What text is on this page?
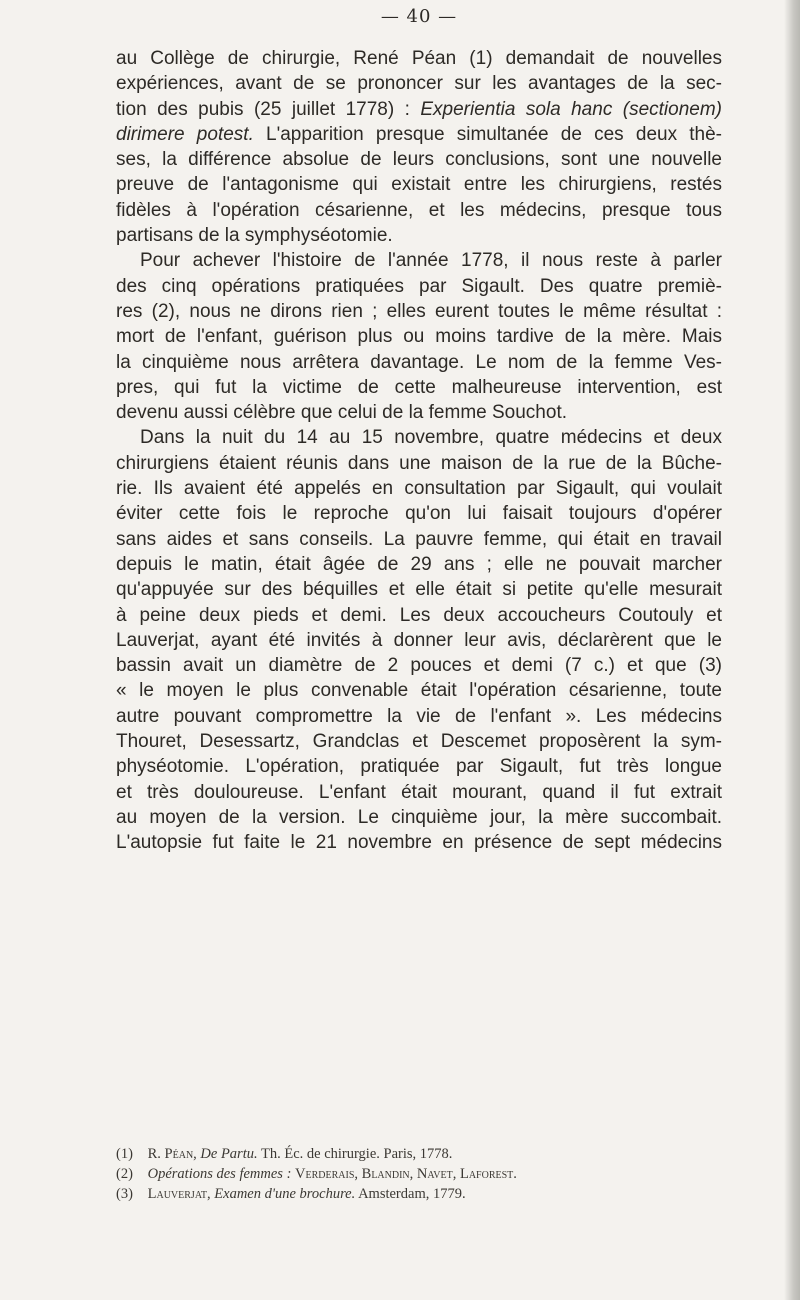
— 40 —
au Collège de chirurgie, René Péan (1) demandait de nouvelles
expériences, avant de se prononcer sur les avantages de la sec-
tion des pubis (25 juillet 1778) : Experientia sola hanc (sectionem)
dirimere potest. L'apparition presque simultanée de ces deux thè-
ses, la différence absolue de leurs conclusions, sont une nouvelle
preuve de l'antagonisme qui existait entre les chirurgiens, restés
fidèles à l'opération césarienne, et les médecins, presque tous
partisans de la symphyséotomie.
Pour achever l'histoire de l'année 1778, il nous reste à parler
des cinq opérations pratiquées par Sigault. Des quatre premiè-
res (2), nous ne dirons rien ; elles eurent toutes le même résultat :
mort de l'enfant, guérison plus ou moins tardive de la mère. Mais
la cinquième nous arrêtera davantage. Le nom de la femme Ves-
pres, qui fut la victime de cette malheureuse intervention, est
devenu aussi célèbre que celui de la femme Souchot.
Dans la nuit du 14 au 15 novembre, quatre médecins et deux
chirurgiens étaient réunis dans une maison de la rue de la Bûche-
rie. Ils avaient été appelés en consultation par Sigault, qui voulait
éviter cette fois le reproche qu'on lui faisait toujours d'opérer
sans aides et sans conseils. La pauvre femme, qui était en travail
depuis le matin, était âgée de 29 ans ; elle ne pouvait marcher
qu'appuyée sur des béquilles et elle était si petite qu'elle mesurait
à peine deux pieds et demi. Les deux accoucheurs Coutouly et
Lauverjat, ayant été invités à donner leur avis, déclarèrent que le
bassin avait un diamètre de 2 pouces et demi (7 c.) et que (3)
« le moyen le plus convenable était l'opération césarienne, toute
autre pouvant compromettre la vie de l'enfant ». Les médecins
Thouret, Desessartz, Grandclas et Descemet proposèrent la sym-
physéotomie. L'opération, pratiquée par Sigault, fut très longue
et très douloureuse. L'enfant était mourant, quand il fut extrait
au moyen de la version. Le cinquième jour, la mère succombait.
L'autopsie fut faite le 21 novembre en présence de sept médecins
(1) R. Péan, De Partu. Th. Éc. de chirurgie. Paris, 1778.
(2) Opérations des femmes : Verderais, Blandin, Navet, Laforest.
(3) Lauverjat, Examen d'une brochure. Amsterdam, 1779.
